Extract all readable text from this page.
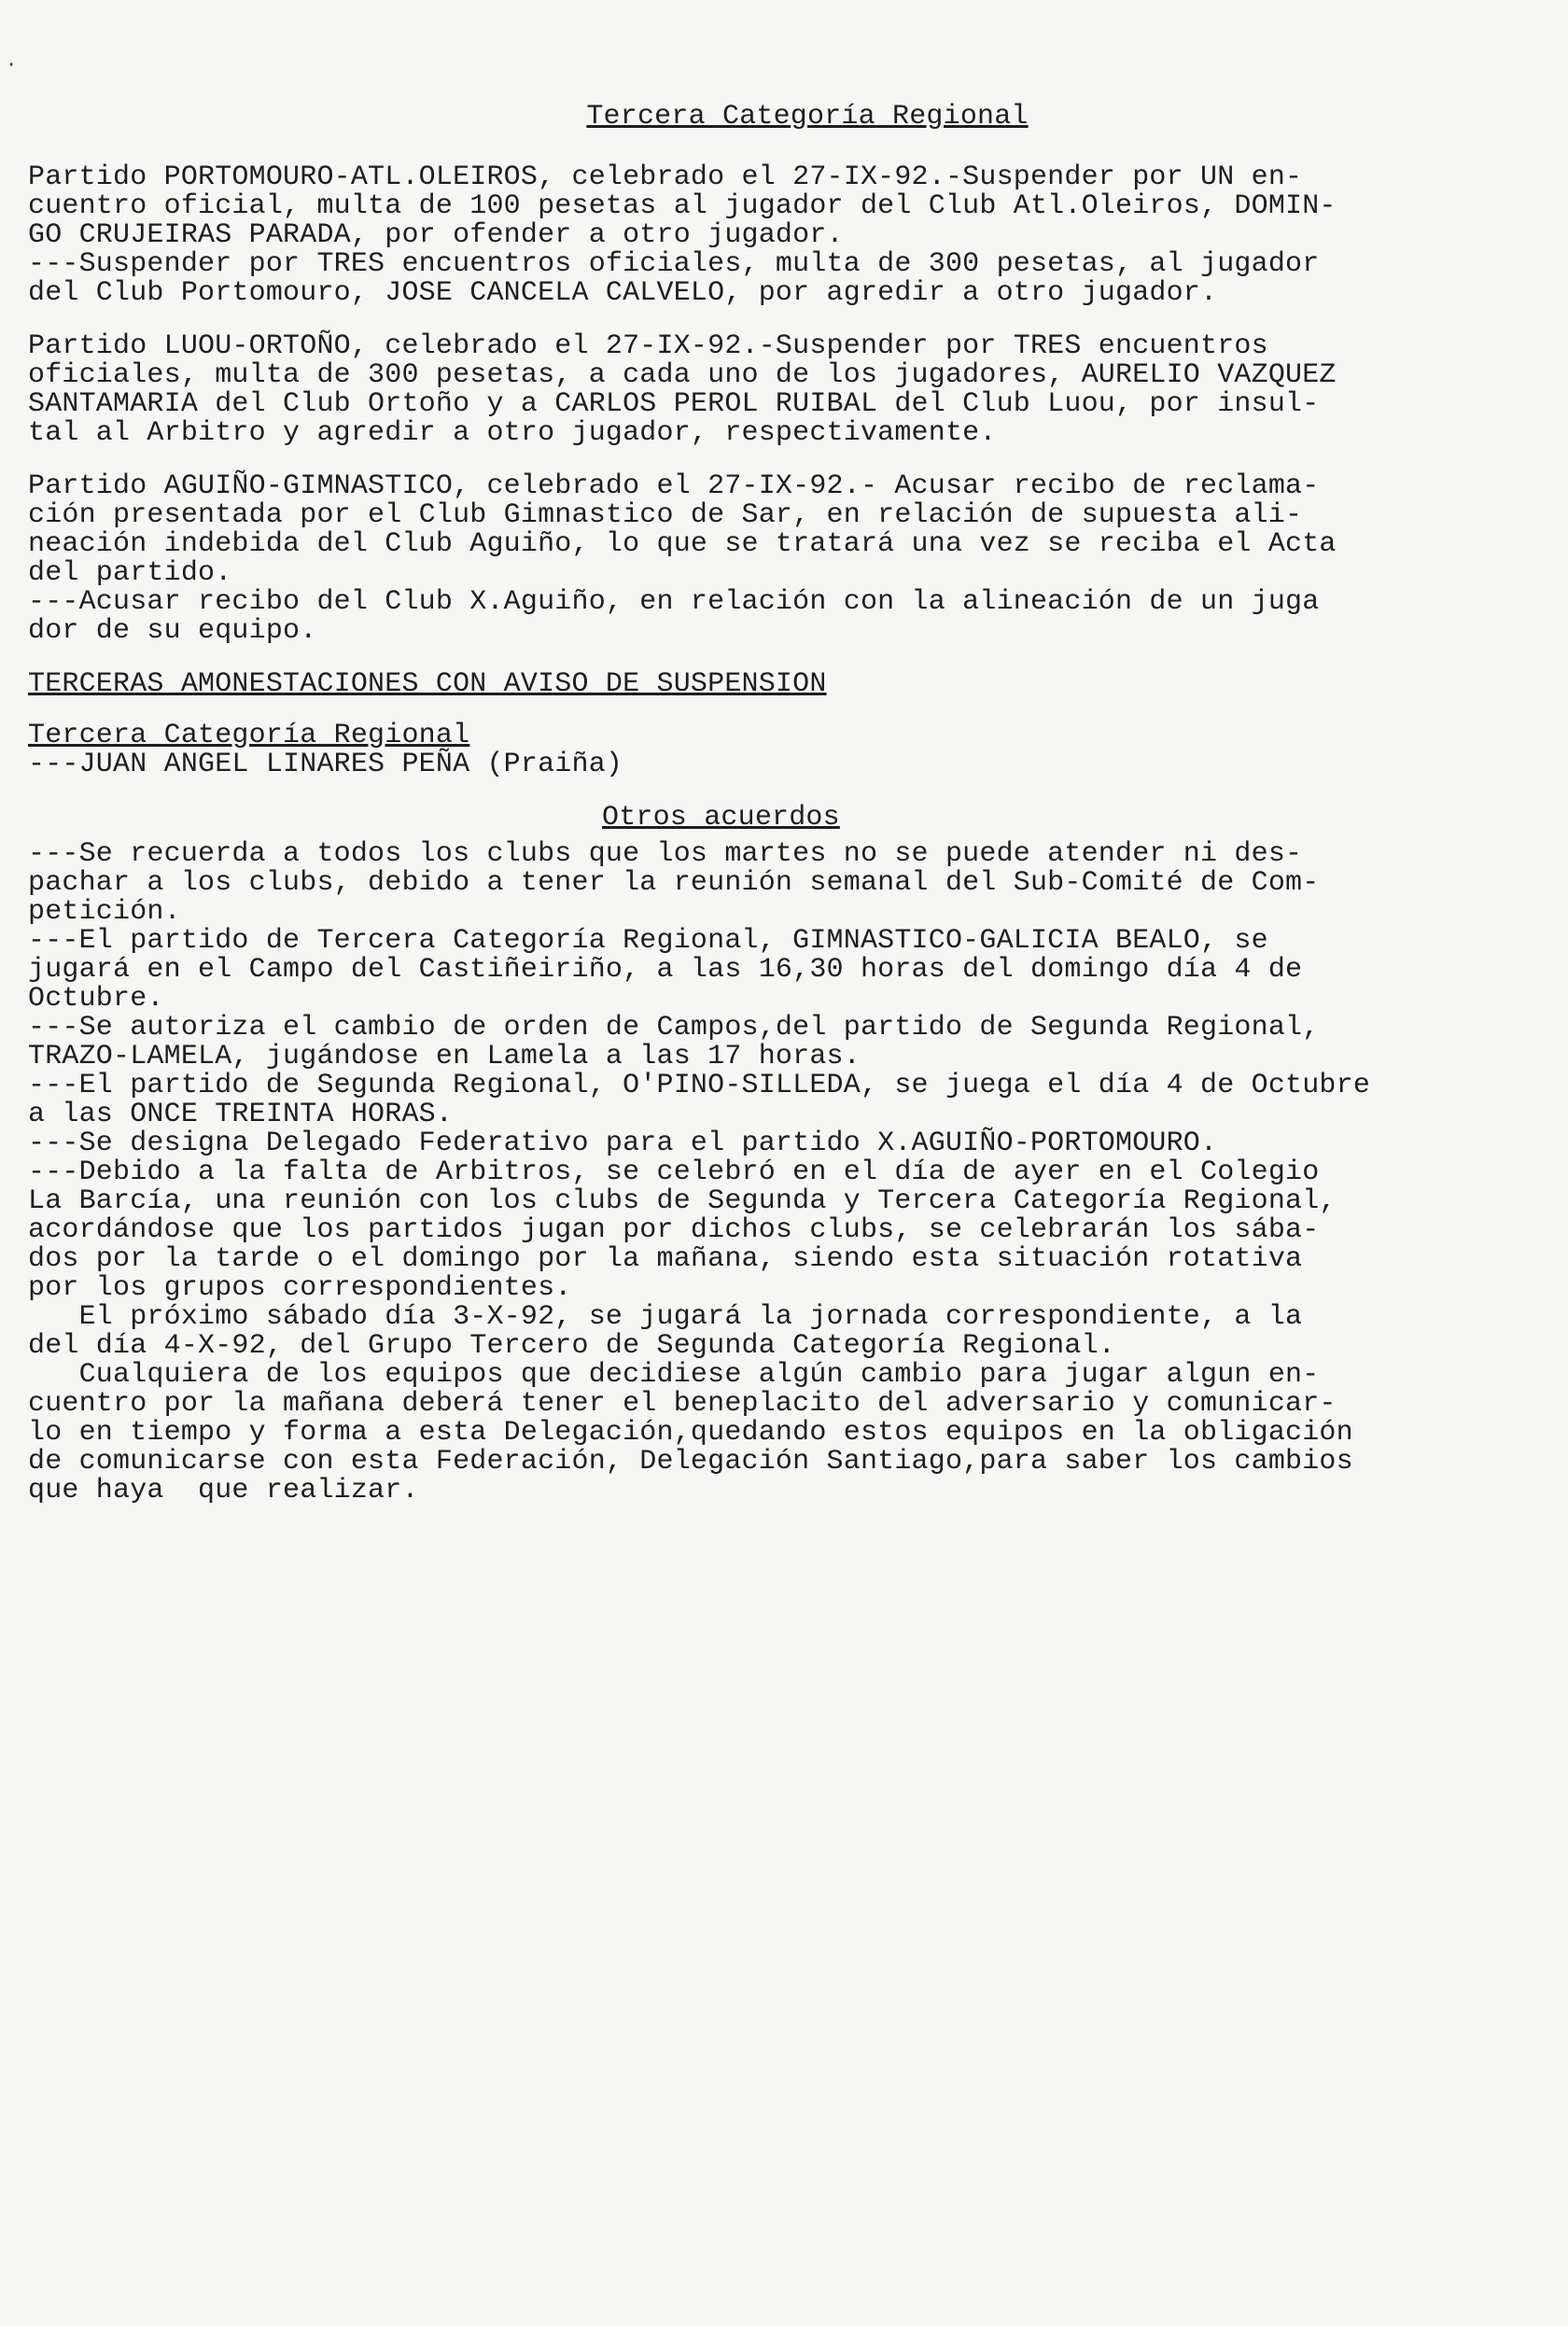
·
Tercera Categoría Regional

Partido PORTOMOURO-ATL.OLEIROS, celebrado el 27-IX-92.-Suspender por UN en-

cuentro oficial, multa de 100 pesetas al jugador del Club Atl.Oleiros, DOMIN-

GO CRUJEIRAS PARADA, por ofender a otro jugador.

---Suspender por TRES encuentros oficiales, multa de 300 pesetas, al jugador

del Club Portomouro, JOSE CANCELA CALVELO, por agredir a otro jugador.

Partido LUOU-ORTOÑO, celebrado el 27-IX-92.-Suspender por TRES encuentros

oficiales, multa de 300 pesetas, a cada uno de los jugadores, AURELIO VAZQUEZ

SANTAMARIA del Club Ortoño y a CARLOS PEROL RUIBAL del Club Luou, por insul-

tal al Arbitro y agredir a otro jugador, respectivamente.

Partido AGUIÑO-GIMNASTICO, celebrado el 27-IX-92.- Acusar recibo de reclama-

ción presentada por el Club Gimnastico de Sar, en relación de supuesta ali-

neación indebida del Club Aguiño, lo que se tratará una vez se reciba el Acta

del partido.

---Acusar recibo del Club X.Aguiño, en relación con la alineación de un juga

dor de su equipo.

TERCERAS AMONESTACIONES CON AVISO DE SUSPENSION

Tercera Categoría Regional

---JUAN ANGEL LINARES PEÑA (Praiña)

Otros acuerdos

---Se recuerda a todos los clubs que los martes no se puede atender ni des-

pachar a los clubs, debido a tener la reunión semanal del Sub-Comité de Com-

petición.

---El partido de Tercera Categoría Regional, GIMNASTICO-GALICIA BEALO, se

jugará en el Campo del Castiñeiriño, a las 16,30 horas del domingo día 4 de

Octubre.

---Se autoriza el cambio de orden de Campos,del partido de Segunda Regional,

TRAZO-LAMELA, jugándose en Lamela a las 17 horas.

---El partido de Segunda Regional, O'PINO-SILLEDA, se juega el día 4 de Octubre

a las ONCE TREINTA HORAS.

---Se designa Delegado Federativo para el partido X.AGUIÑO-PORTOMOURO.

---Debido a la falta de Arbitros, se celebró en el día de ayer en el Colegio

La Barcía, una reunión con los clubs de Segunda y Tercera Categoría Regional,

acordándose que los partidos jugan por dichos clubs, se celebrarán los sába-

dos por la tarde o el domingo por la mañana, siendo esta situación rotativa

por los grupos correspondientes.

El próximo sábado día 3-X-92, se jugará la jornada correspondiente, a la

del día 4-X-92, del Grupo Tercero de Segunda Categoría Regional.

Cualquiera de los equipos que decidiese algún cambio para jugar algun en-

cuentro por la mañana deberá tener el beneplacito del adversario y comunicar-

lo en tiempo y forma a esta Delegación,quedando estos equipos en la obligación

de comunicarse con esta Federación, Delegación Santiago,para saber los cambios

que haya  que realizar.
